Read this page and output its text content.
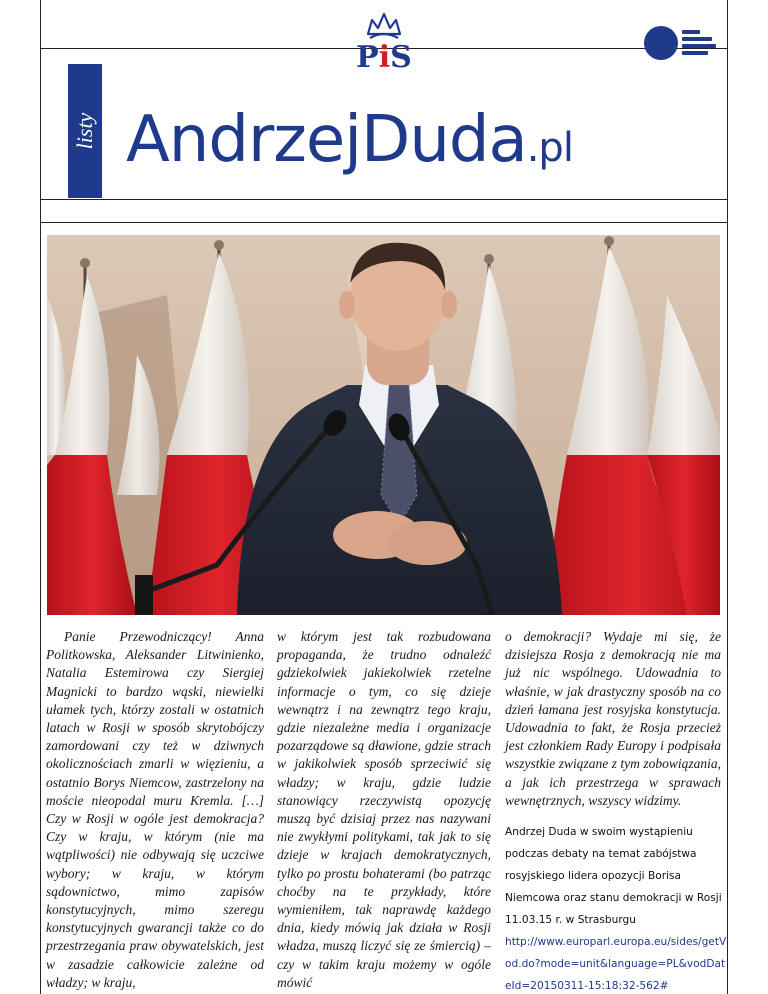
PiS
listy AndrzejDuda.pl
Panie Przewodniczący! Anna Politkowska, Aleksander Litwinienko, Natalia Estemirowa czy Siergiej Magnicki to bardzo wąski, niewielki ułamek tych, którzy zostali w ostatnich latach w Rosji w sposób skrytobójczy zamordowani czy też w dziwnych okolicznościach zmarli w więzieniu, a ostatnio Borys Niemcow, zastrzelony na moście nieopodal muru Kremla. […] Czy w Rosji w ogóle jest demokracja? Czy w kraju, w którym (nie ma wątpliwości) nie odbywają się uczciwe wybory; w kraju, w którym sądownictwo, mimo zapisów konstytucyjnych, mimo szeregu konstytucyjnych gwarancji także co do przestrzegania praw obywatelskich, jest w zasadzie całkowicie zależne od władzy; w kraju,
w którym jest tak rozbudowana propaganda, że trudno odnaleźć gdziekolwiek jakiekolwiek rzetelne informacje o tym, co się dzieje wewnątrz i na zewnątrz tego kraju, gdzie niezależne media i organizacje pozarządowe są dławione, gdzie strach w jakikolwiek sposób sprzeciwić się władzy; w kraju, gdzie ludzie stanowiący rzeczywistą opozycję muszą być dzisiaj przez nas nazywani nie zwykłymi politykami, tak jak to się dzieje w krajach demokratycznych, tylko po prostu bohaterami (bo patrząc choćby na te przykłady, które wymieniłem, tak naprawdę każdego dnia, kiedy mówią jak działa w Rosji władza, muszą liczyć się ze śmiercią) – czy w takim kraju możemy w ogóle mówić
o demokracji? Wydaje mi się, że dzisiejsza Rosja z demokracją nie ma już nic wspólnego. Udowadnia to właśnie, w jak drastyczny sposób na co dzień łamana jest rosyjska konstytucja. Udowadnia to fakt, że Rosja przecież jest członkiem Rady Europy i podpisała wszystkie związane z tym zobowiązania, a jak ich przestrzega w sprawach wewnętrznych, wszyscy widzimy.
Andrzej Duda w swoim wystąpieniu podczas debaty na temat zabójstwa rosyjskiego lidera opozycji Borisa Niemcowa oraz stanu demokracji w Rosji 11.03.15 r. w Strasburgu
http://www.europarl.europa.eu/sides/getVod.do?mode=unit&language=PL&vodDateId=20150311-15:18:32-562#
